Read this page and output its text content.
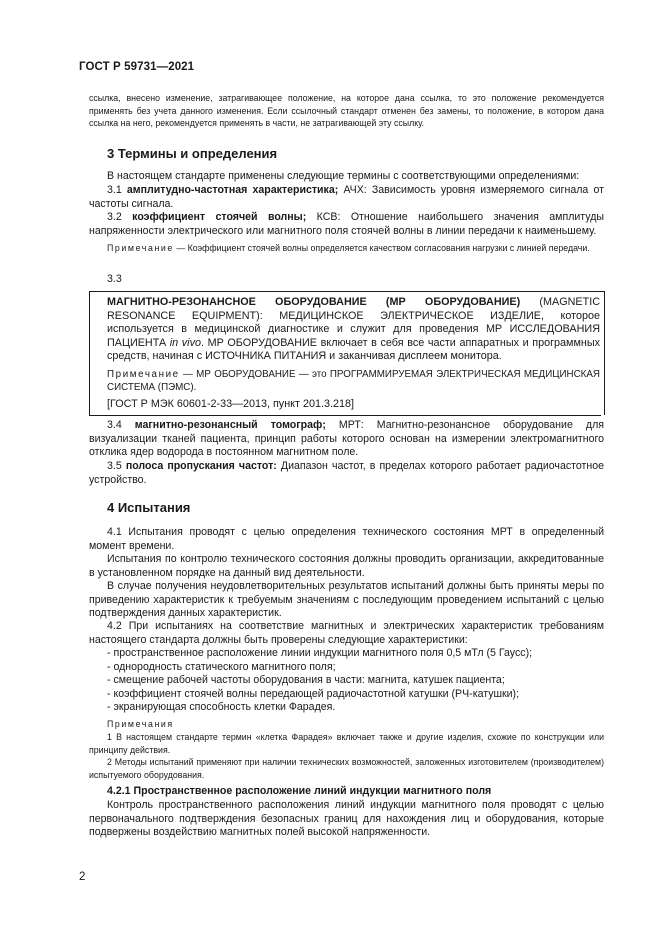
ГОСТ Р 59731—2021

ссылка, внесено изменение, затрагивающее положение, на которое дана ссылка, то это положение рекомендуется применять без учета данного изменения. Если ссылочный стандарт отменен без замены, то положение, в котором дана ссылка на него, рекомендуется применять в части, не затрагивающей эту ссылку.

3 Термины и определения

В настоящем стандарте применены следующие термины с соответствующими определениями:

3.1 амплитудно-частотная характеристика; АЧХ: Зависимость уровня измеряемого сигнала от частоты сигнала.

3.2 коэффициент стоячей волны; КСВ: Отношение наибольшего значения амплитуды напряженности электрического или магнитного поля стоячей волны в линии передачи к наименьшему.

Примечание — Коэффициент стоячей волны определяется качеством согласования нагрузки с линией передачи.

3.3

МАГНИТНО-РЕЗОНАНСНОЕ ОБОРУДОВАНИЕ (МР ОБОРУДОВАНИЕ) (MAGNETIC RESONANCE EQUIPMENT): МЕДИЦИНСКОЕ ЭЛЕКТРИЧЕСКОЕ ИЗДЕЛИЕ, которое используется в медицинской диагностике и служит для проведения МР ИССЛЕДОВАНИЯ ПАЦИЕНТА in vivo. МР ОБОРУДОВАНИЕ включает в себя все части аппаратных и программных средств, начиная с ИСТОЧНИКА ПИТАНИЯ и заканчивая дисплеем монитора.

Примечание — МР ОБОРУДОВАНИЕ — это ПРОГРАММИРУЕМАЯ ЭЛЕКТРИЧЕСКАЯ МЕДИЦИНСКАЯ СИСТЕМА (ПЭМС).

[ГОСТ Р МЭК 60601-2-33—2013, пункт 201.3.218]

3.4 магнитно-резонансный томограф; МРТ: Магнитно-резонансное оборудование для визуализации тканей пациента, принцип работы которого основан на измерении электромагнитного отклика ядер водорода в постоянном магнитном поле.

3.5 полоса пропускания частот: Диапазон частот, в пределах которого работает радиочастотное устройство.

4 Испытания

4.1 Испытания проводят с целью определения технического состояния МРТ в определенный момент времени.

Испытания по контролю технического состояния должны проводить организации, аккредитованные в установленном порядке на данный вид деятельности.

В случае получения неудовлетворительных результатов испытаний должны быть приняты меры по приведению характеристик к требуемым значениям с последующим проведением испытаний с целью подтверждения данных характеристик.

4.2 При испытаниях на соответствие магнитных и электрических характеристик требованиям настоящего стандарта должны быть проверены следующие характеристики:

- пространственное расположение линии индукции магнитного поля 0,5 мТл (5 Гаусс);

- однородность статического магнитного поля;

- смещение рабочей частоты оборудования в части: магнита, катушек пациента;

- коэффициент стоячей волны передающей радиочастотной катушки (РЧ-катушки);

- экранирующая способность клетки Фарадея.

Примечания

1 В настоящем стандарте термин «клетка Фарадея» включает также и другие изделия, схожие по конструкции или принципу действия.

2 Методы испытаний применяют при наличии технических возможностей, заложенных изготовителем (производителем) испытуемого оборудования.

4.2.1 Пространственное расположение линий индукции магнитного поля

Контроль пространственного расположения линий индукции магнитного поля проводят с целью первоначального подтверждения безопасных границ для нахождения лиц и оборудования, которые подвержены воздействию магнитных полей высокой напряженности.

2
